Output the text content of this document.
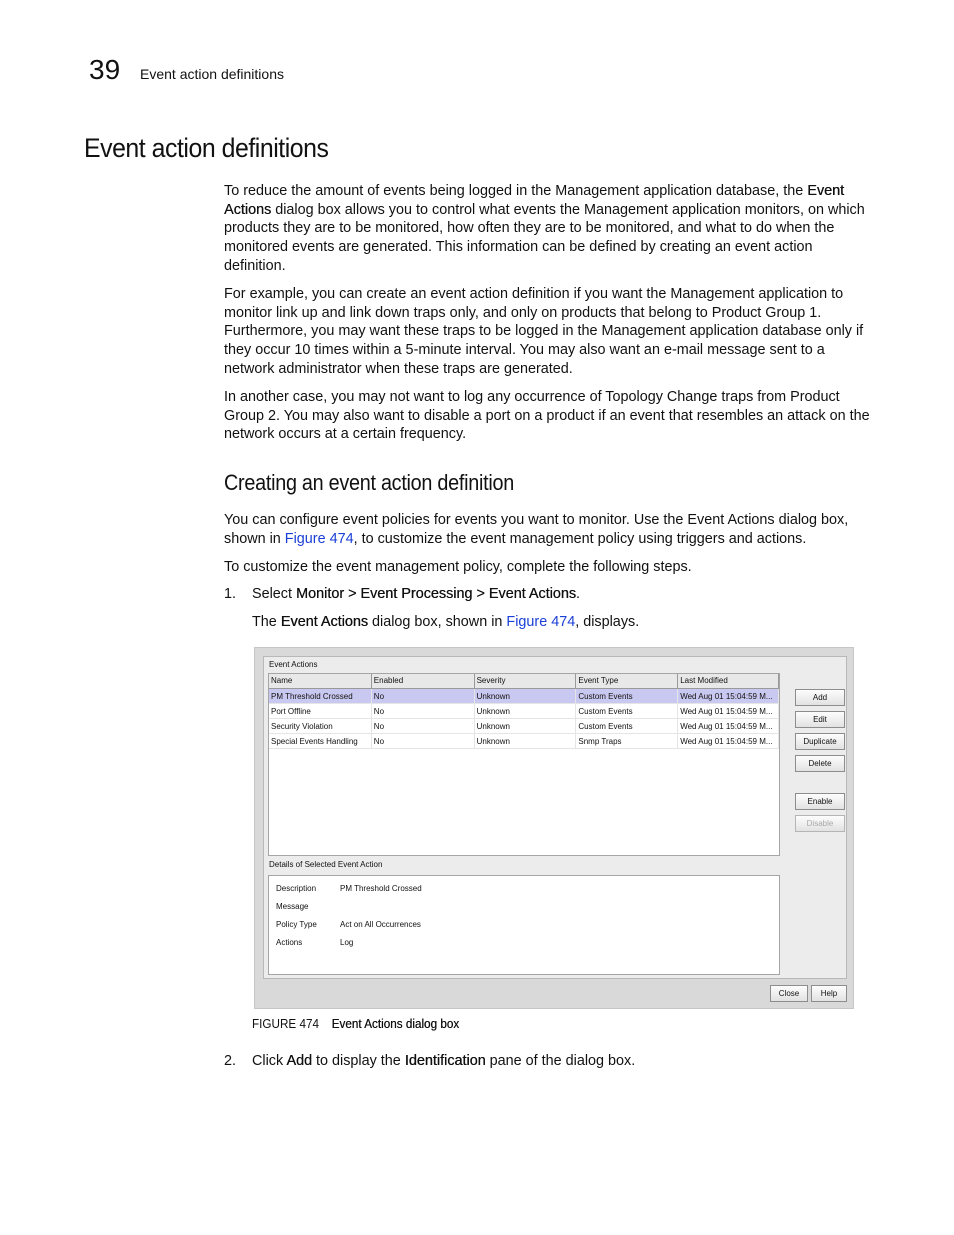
39 Event action definitions
Event action definitions

To reduce the amount of events being logged in the Management application database, the Event Actions dialog box allows you to control what events the Management application monitors, on which products they are to be monitored, how often they are to be monitored, and what to do when the monitored events are generated. This information can be defined by creating an event action definition.

For example, you can create an event action definition if you want the Management application to monitor link up and link down traps only, and only on products that belong to Product Group 1. Furthermore, you may want these traps to be logged in the Management application database only if they occur 10 times within a 5-minute interval. You may also want an e-mail message sent to a network administrator when these traps are generated.

In another case, you may not want to log any occurrence of Topology Change traps from Product Group 2. You may also want to disable a port on a product if an event that resembles an attack on the network occurs at a certain frequency.

Creating an event action definition

You can configure event policies for events you want to monitor. Use the Event Actions dialog box, shown in Figure 474, to customize the event management policy using triggers and actions.

To customize the event management policy, complete the following steps.

1. Select Monitor > Event Processing > Event Actions.
The Event Actions dialog box, shown in Figure 474, displays.
Event Actions
Name	Enabled	Severity	Event Type	Last Modified
PM Threshold Crossed	No	Unknown	Custom Events	Wed Aug 01 15:04:59 M...
Port Offline	No	Unknown	Custom Events	Wed Aug 01 15:04:59 M...
Security Violation	No	Unknown	Custom Events	Wed Aug 01 15:04:59 M...
Special Events Handling	No	Unknown	Snmp Traps	Wed Aug 01 15:04:59 M...
Add
Edit
Duplicate
Delete
Enable
Disable
Details of Selected Event Action
Description	PM Threshold Crossed
Message
Policy Type	Act on All Occurrences
Actions	Log
Close	Help
FIGURE 474 Event Actions dialog box
2. Click Add to display the Identification pane of the dialog box.
